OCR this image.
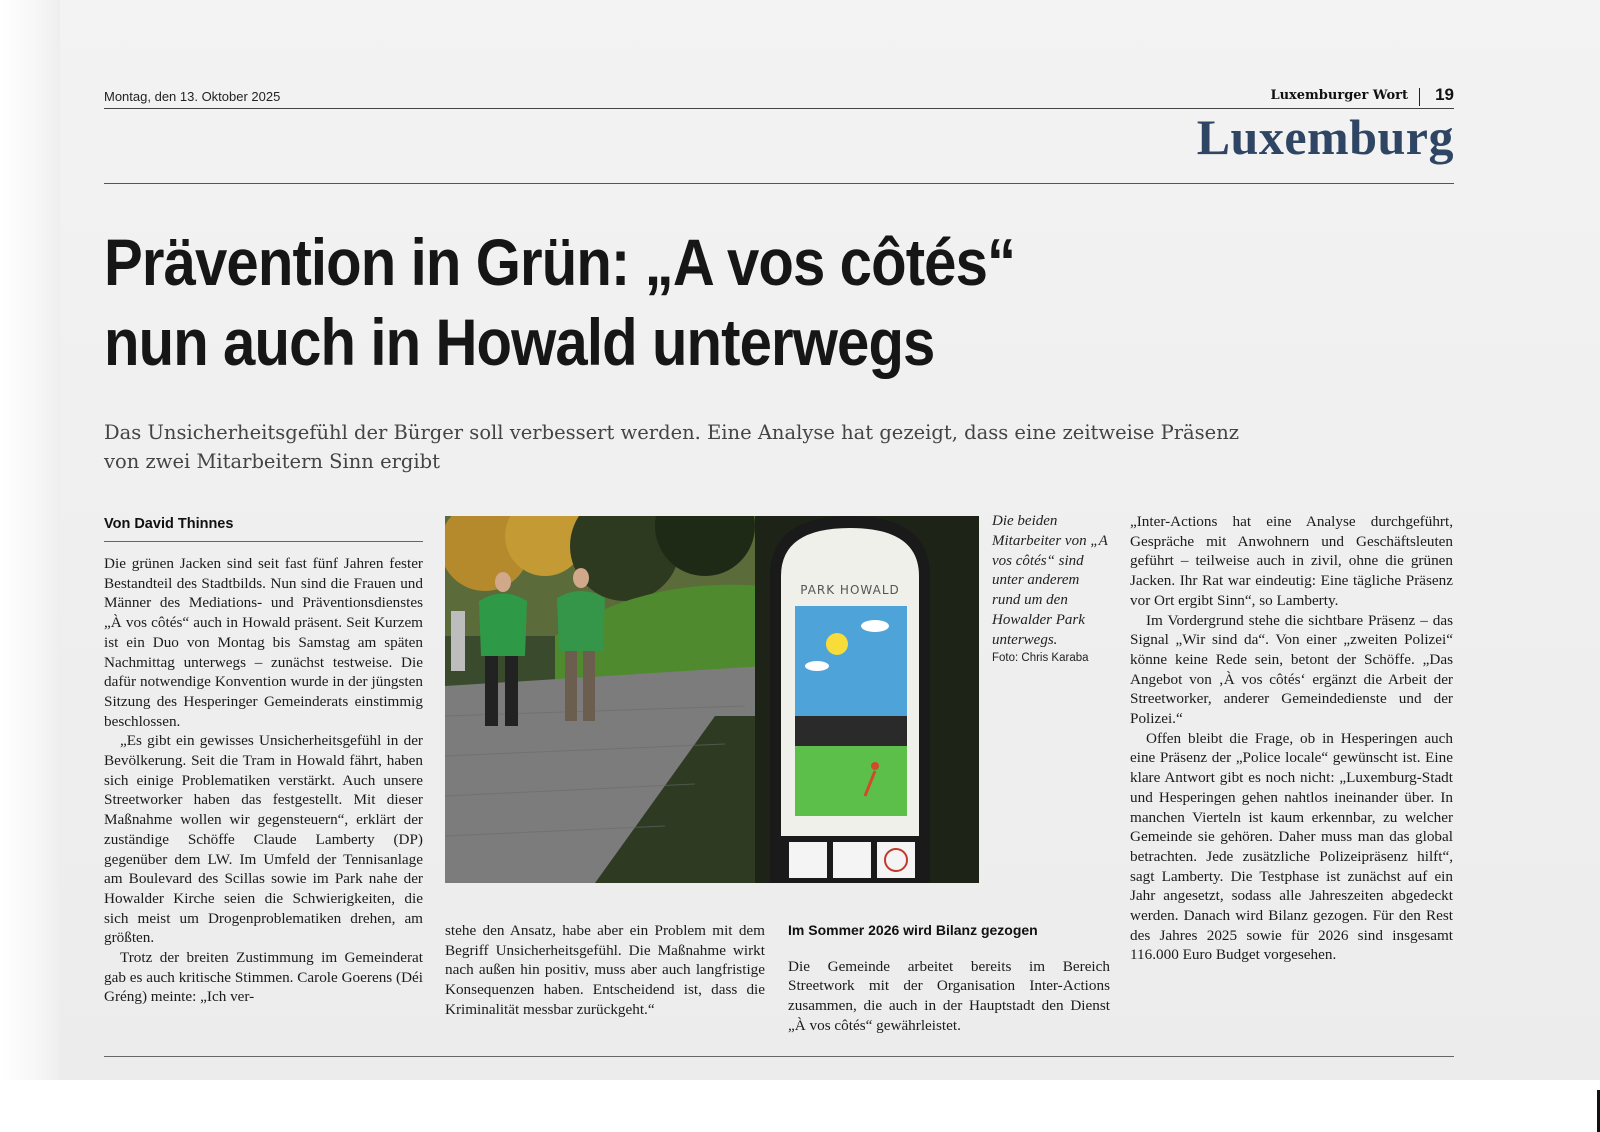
Montag, den 13. Oktober 2025	Luxemburger Wort 19
Luxemburg
Prävention in Grün: „A vos côtés“
nun auch in Howald unterwegs
Das Unsicherheitsgefühl der Bürger soll verbessert werden. Eine Analyse hat gezeigt, dass eine zeitweise Präsenz
von zwei Mitarbeitern Sinn ergibt
Von David Thinnes

Die grünen Jacken sind seit fast fünf Jahren fester Bestandteil des Stadtbilds. Nun sind die Frauen und Männer des Mediations- und Präventionsdienstes „À vos côtés“ auch in Howald präsent. Seit Kurzem ist ein Duo von Montag bis Samstag am späten Nachmittag unterwegs – zunächst testweise. Die dafür notwendige Konvention wurde in der jüngsten Sitzung des Hesperinger Gemeinderats einstimmig beschlossen.

„Es gibt ein gewisses Unsicherheitsgefühl in der Bevölkerung. Seit die Tram in Howald fährt, haben sich einige Problematiken verstärkt. Auch unsere Streetworker haben das festgestellt. Mit dieser Maßnahme wollen wir gegensteuern“, erklärt der zuständige Schöffe Claude Lamberty (DP) gegenüber dem LW. Im Umfeld der Tennisanlage am Boulevard des Scillas sowie im Park nahe der Howalder Kirche seien die Schwierigkeiten, die sich meist um Drogenproblematiken drehen, am größten.

Trotz der breiten Zustimmung im Gemeinderat gab es auch kritische Stimmen. Carole Goerens (Déi Gréng) meinte: „Ich ver-

PARK HOWALD
Die beiden Mitarbeiter von „A vos côtés“ sind unter anderem rund um den Howalder Park unterwegs.
Foto: Chris Karaba

stehe den Ansatz, habe aber ein Problem mit dem Begriff Unsicherheitsgefühl. Die Maßnahme wirkt nach außen hin positiv, muss aber auch langfristige Konsequenzen haben. Entscheidend ist, dass die Kriminalität messbar zurückgeht.“

Im Sommer 2026 wird Bilanz gezogen

Die Gemeinde arbeitet bereits im Bereich Streetwork mit der Organisation Inter-Actions zusammen, die auch in der Hauptstadt den Dienst „À vos côtés“ gewährleistet.

„Inter-Actions hat eine Analyse durchgeführt, Gespräche mit Anwohnern und Geschäftsleuten geführt – teilweise auch in zivil, ohne die grünen Jacken. Ihr Rat war eindeutig: Eine tägliche Präsenz vor Ort ergibt Sinn“, so Lamberty.

Im Vordergrund stehe die sichtbare Präsenz – das Signal „Wir sind da“. Von einer „zweiten Polizei“ könne keine Rede sein, betont der Schöffe. „Das Angebot von ‚À vos côtés‘ ergänzt die Arbeit der Streetworker, anderer Gemeindedienste und der Polizei.“

Offen bleibt die Frage, ob in Hesperingen auch eine Präsenz der „Police locale“ gewünscht ist. Eine klare Antwort gibt es noch nicht: „Luxemburg-Stadt und Hesperingen gehen nahtlos ineinander über. In manchen Vierteln ist kaum erkennbar, zu welcher Gemeinde sie gehören. Daher muss man das global betrachten. Jede zusätzliche Polizeipräsenz hilft“, sagt Lamberty. Die Testphase ist zunächst auf ein Jahr angesetzt, sodass alle Jahreszeiten abgedeckt werden. Danach wird Bilanz gezogen. Für den Rest des Jahres 2025 sowie für 2026 sind insgesamt 116.000 Euro Budget vorgesehen.
